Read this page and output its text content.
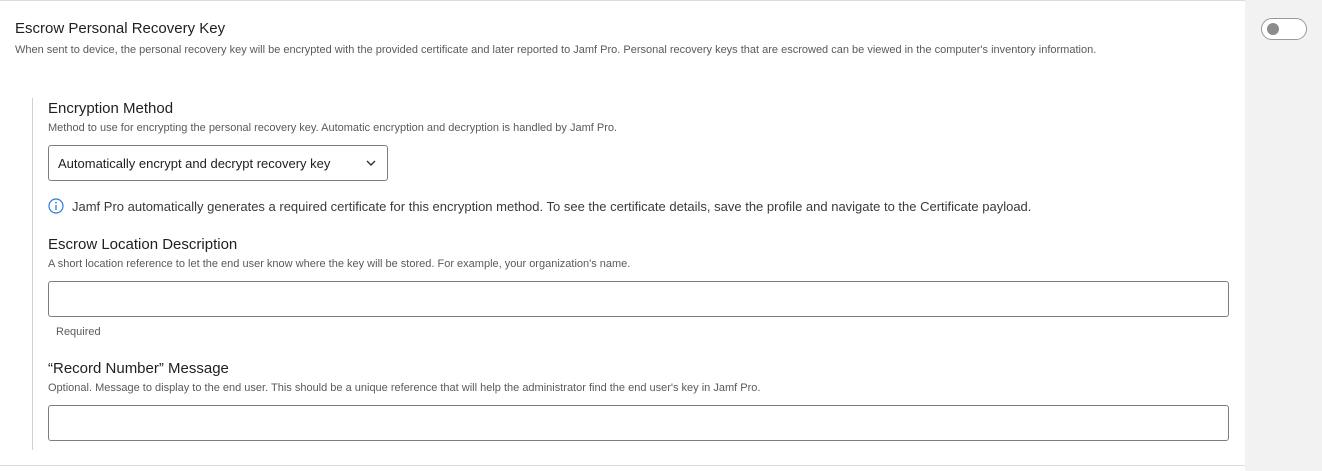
Escrow Personal Recovery Key
When sent to device, the personal recovery key will be encrypted with the provided certificate and later reported to Jamf Pro. Personal recovery keys that are escrowed can be viewed in the computer's inventory information.
Encryption Method
Method to use for encrypting the personal recovery key. Automatic encryption and decryption is handled by Jamf Pro.
Automatically encrypt and decrypt recovery key
Jamf Pro automatically generates a required certificate for this encryption method. To see the certificate details, save the profile and navigate to the Certificate payload.
Escrow Location Description
A short location reference to let the end user know where the key will be stored. For example, your organization's name.
Required
“Record Number” Message
Optional. Message to display to the end user. This should be a unique reference that will help the administrator find the end user's key in Jamf Pro.
